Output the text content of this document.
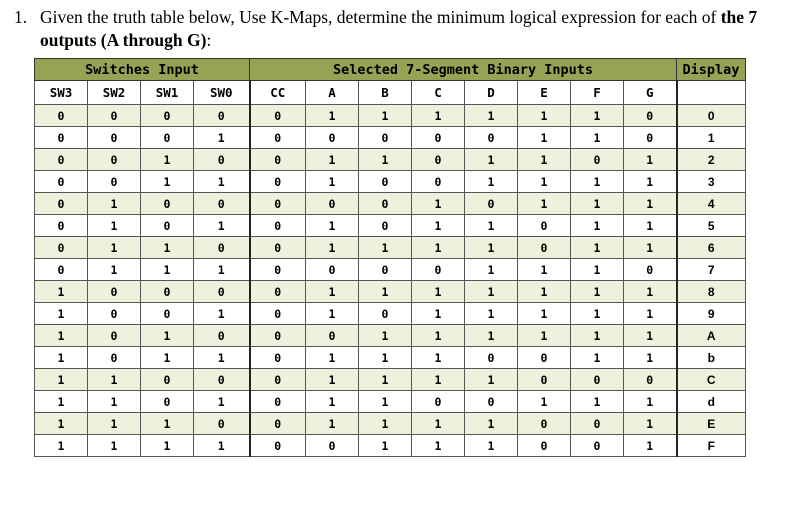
1. Given the truth table below, Use K-Maps, determine the minimum logical expression for each of the 7
outputs (A through G):
Switches Input				Selected 7-Segment Binary Inputs								Display
SW3	SW2	SW1	SW0	CC	A	B	C	D	E	F	G	
0	0	0	0	0	1	1	1	1	1	1	0	0
0	0	0	1	0	0	0	0	0	1	1	0	1
0	0	1	0	0	1	1	0	1	1	0	1	2
0	0	1	1	0	1	0	0	1	1	1	1	3
0	1	0	0	0	0	0	1	0	1	1	1	4
0	1	0	1	0	1	0	1	1	0	1	1	5
0	1	1	0	0	1	1	1	1	0	1	1	6
0	1	1	1	0	0	0	0	1	1	1	0	7
1	0	0	0	0	1	1	1	1	1	1	1	8
1	0	0	1	0	1	0	1	1	1	1	1	9
1	0	1	0	0	0	1	1	1	1	1	1	A
1	0	1	1	0	1	1	1	0	0	1	1	b
1	1	0	0	0	1	1	1	1	0	0	0	C
1	1	0	1	0	1	1	0	0	1	1	1	d
1	1	1	0	0	1	1	1	1	0	0	1	E
1	1	1	1	0	0	1	1	1	0	0	1	F
